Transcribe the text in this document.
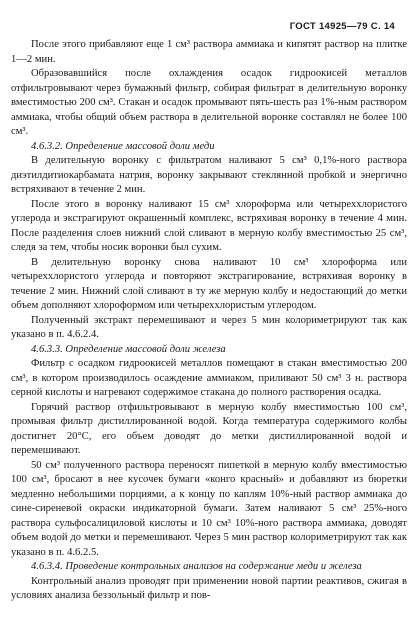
ГОСТ 14925—79 С. 14

После этого прибавляют еще 1 см³ раствора аммиака и кипятят раствор на плитке 1—2 мин.

Образовавшийся после охлаждения осадок гидроокисей металлов отфильтровывают через бумажный фильтр, собирая фильтрат в делительную воронку вместимостью 200 см³. Стакан и осадок промывают пять-шесть раз 1%-ным раствором аммиака, чтобы общий объем раствора в делительной воронке составлял не более 100 см³.

4.6.3.2. Определение массовой доли меди

В делительную воронку с фильтратом наливают 5 см³ 0,1%-ного раствора диэтилдитиокарбамата натрия, воронку закрывают стеклянной пробкой и энергично встряхивают в течение 2 мин.

После этого в воронку наливают 15 см³ хлороформа или четыреххлористого углерода и экстрагируют окрашенный комплекс, встряхивая воронку в течение 4 мин. После разделения слоев нижний слой сливают в мерную колбу вместимостью 25 см³, следя за тем, чтобы носик воронки был сухим.

В делительную воронку снова наливают 10 см³ хлороформа или четыреххлористого углерода и повторяют экстрагирование, встряхивая воронку в течение 2 мин. Нижний слой сливают в ту же мерную колбу и недостающий до метки объем дополняют хлороформом или четыреххлористым углеродом.

Полученный экстракт перемешивают и через 5 мин колориметрируют так как указано в п. 4.6.2.4.

4.6.3.3. Определение массовой доли железа

Фильтр с осадком гидроокисей металлов помещают в стакан вместимостью 200 см³, в котором производилось осаждение аммиаком, приливают 50 см³ 3 н. раствора серной кислоты и нагревают содержимое стакана до полного растворения осадка.

Горячий раствор отфильтровывают в мерную колбу вместимостью 100 см³, промывая фильтр дистиллированной водой. Когда температура содержимого колбы достигнет 20°С, его объем доводят до метки дистиллированной водой и перемешивают.

50 см³ полученного раствора переносят пипеткой в мерную колбу вместимостью 100 см³, бросают в нее кусочек бумаги «конго красный» и добавляют из бюретки медленно небольшими порциями, а к концу по каплям 10%-ный раствор аммиака до сине-сиреневой окраски индикаторной бумаги. Затем наливают 5 см³ 25%-ного раствора сульфосалициловой кислоты и 10 см³ 10%-ного раствора аммиака, доводят объем водой до метки и перемешивают. Через 5 мин раствор колориметрируют так как указано в п. 4.6.2.5.

4.6.3.4. Проведение контрольных анализов на содержание меди и железа

Контрольный анализ проводят при применении новой партии реактивов, сжигая в условиях анализа беззольный фильтр и пов-
